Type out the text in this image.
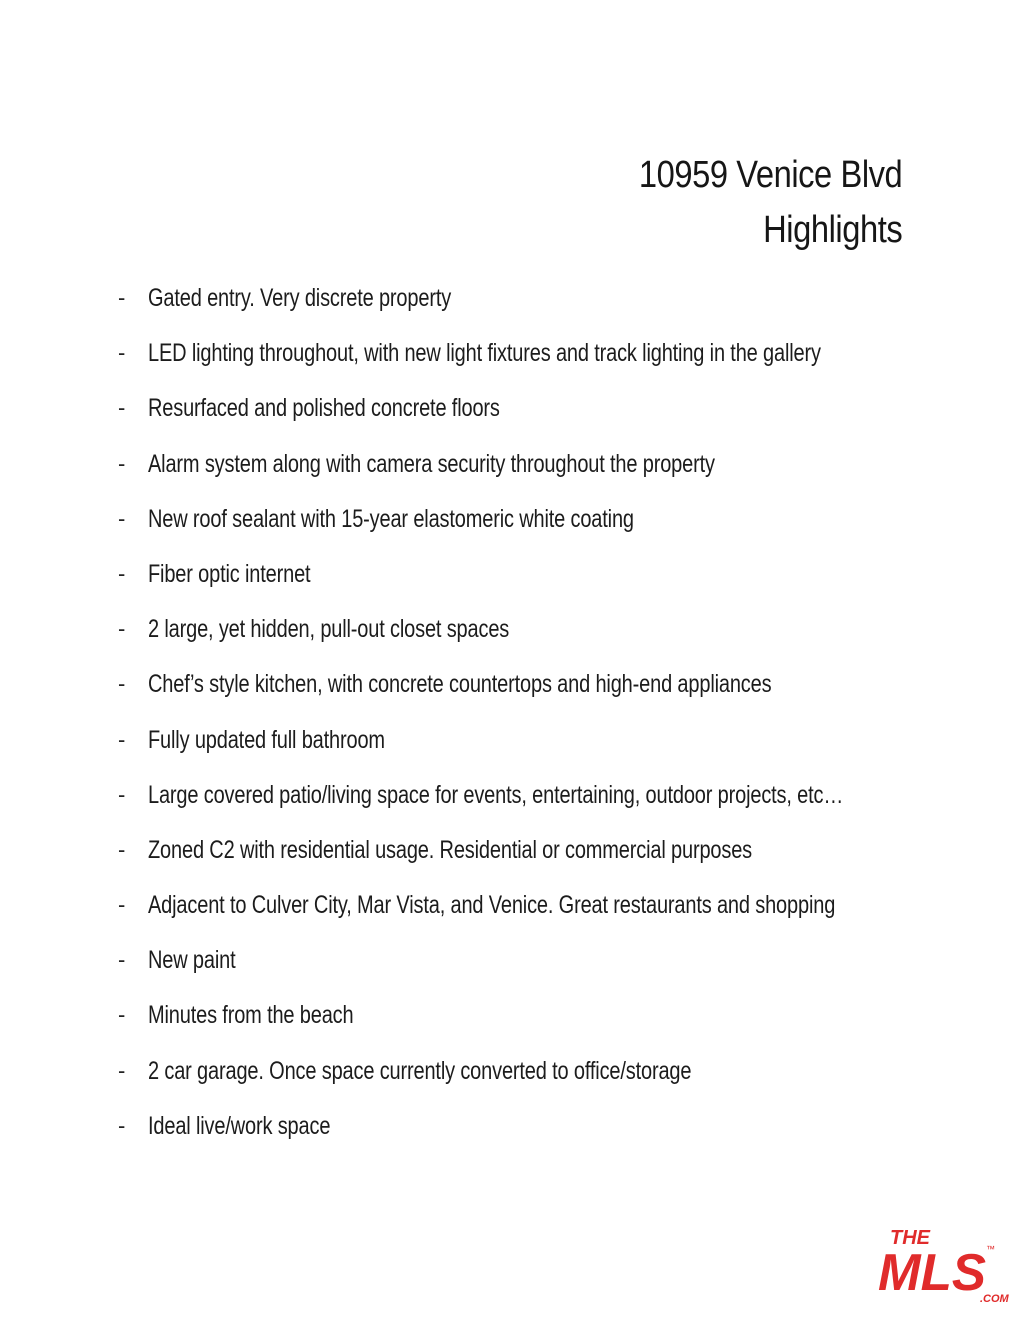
10959 Venice Blvd
Highlights
- Gated entry. Very discrete property
- LED lighting throughout, with new light fixtures and track lighting in the gallery
- Resurfaced and polished concrete floors
- Alarm system along with camera security throughout the property
- New roof sealant with 15-year elastomeric white coating
- Fiber optic internet
- 2 large, yet hidden, pull-out closet spaces
- Chef’s style kitchen, with concrete countertops and high-end appliances
- Fully updated full bathroom
- Large covered patio/living space for events, entertaining, outdoor projects, etc…
- Zoned C2 with residential usage. Residential or commercial purposes
- Adjacent to Culver City, Mar Vista, and Venice. Great restaurants and shopping
- New paint
- Minutes from the beach
- 2 car garage. Once space currently converted to office/storage
- Ideal live/work space
THE
MLS ™
.COM
